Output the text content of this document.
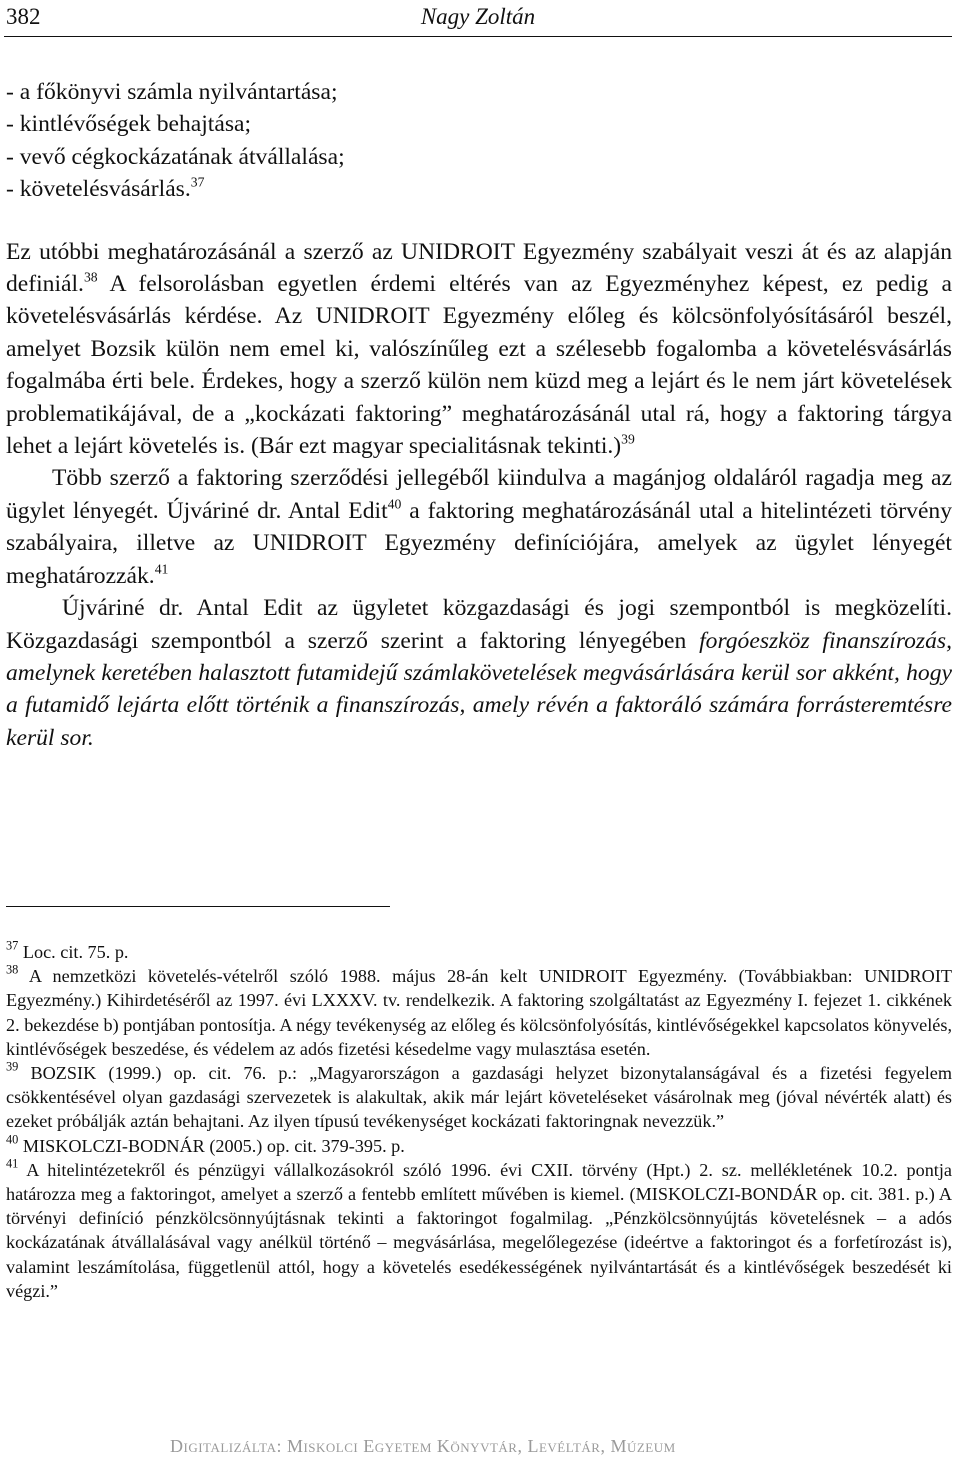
382	Nagy Zoltán
- a főkönyvi számla nyilvántartása;
- kintlévőségek behajtása;
- vevő cégkockázatának átvállalása;
- követelésvásárlás.$^{37}$

Ez utóbbi meghatározásánál a szerző az UNIDROIT Egyezmény szabályait veszi át és az alapján definiál.$^{38}$ A felsorolásban egyetlen érdemi eltérés van az Egyezményhez képest, ez pedig a követelésvásárlás kérdése. Az UNIDROIT Egyezmény előleg és kölcsönfolyósításáról beszél, amelyet Bozsik külön nem emel ki, valószínűleg ezt a szélesebb fogalomba a követelésvásárlás fogalmába érti bele. Érdekes, hogy a szerző külön nem küzd meg a lejárt és le nem járt követelések problematikájával, de a „kockázati faktoring” meghatározásánál utal rá, hogy a faktoring tárgya lehet a lejárt követelés is. (Bár ezt magyar specialitásnak tekinti.)$^{39}$

Több szerző a faktoring szerződési jellegéből kiindulva a magánjog oldaláról ragadja meg az ügylet lényegét. Újváriné dr. Antal Edit$^{40}$ a faktoring meghatározásánál utal a hitelintézeti törvény szabályaira, illetve az UNIDROIT Egyezmény definíciójára, amelyek az ügylet lényegét meghatározzák.$^{41}$

Újváriné dr. Antal Edit az ügyletet közgazdasági és jogi szempontból is megközelíti. Közgazdasági szempontból a szerző szerint a faktoring lényegében forgóeszköz finanszírozás, amelynek keretében halasztott futamidejű számlakövetelések megvásárlására kerül sor akként, hogy a futamidő lejárta előtt történik a finanszírozás, amely révén a faktoráló számára forrásteremtésre kerül sor.

$^{37}$ Loc. cit. 75. p.

$^{38}$ A nemzetközi követelés-vételről szóló 1988. május 28-án kelt UNIDROIT Egyezmény. (Továbbiakban: UNIDROIT Egyezmény.) Kihirdetéséről az 1997. évi LXXXV. tv. rendelkezik. A faktoring szolgáltatást az Egyezmény I. fejezet 1. cikkének 2. bekezdése b) pontjában pontosítja. A négy tevékenység az előleg és kölcsönfolyósítás, kintlévőségekkel kapcsolatos könyvelés, kintlévőségek beszedése, és védelem az adós fizetési késedelme vagy mulasztása esetén.

$^{39}$ BOZSIK (1999.) op. cit. 76. p.: „Magyarországon a gazdasági helyzet bizonytalanságával és a fizetési fegyelem csökkentésével olyan gazdasági szervezetek is alakultak, akik már lejárt követeléseket vásárolnak meg (jóval névérték alatt) és ezeket próbálják aztán behajtani. Az ilyen típusú tevékenységet kockázati faktoringnak nevezzük.”

$^{40}$ MISKOLCZI-BODNÁR (2005.) op. cit. 379-395. p.

$^{41}$ A hitelintézetekről és pénzügyi vállalkozásokról szóló 1996. évi CXII. törvény (Hpt.) 2. sz. mellékletének 10.2. pontja határozza meg a faktoringot, amelyet a szerző a fentebb említett művében is kiemel. (MISKOLCZI-BONDÁR op. cit. 381. p.) A törvényi definíció pénzkölcsönnyújtásnak tekinti a faktoringot fogalmilag. „Pénzkölcsönnyújtás követelésnek – a adós kockázatának átvállalásával vagy anélkül történő – megvásárlása, megelőlegezése (ideértve a faktoringot és a forfetírozást is), valamint leszámítolása, függetlenül attól, hogy a követelés esedékességének nyilvántartását és a kintlévőségek beszedését ki végzi.”

Digitalizálta: Miskolci Egyetem Könyvtár, Levéltár, Múzeum
